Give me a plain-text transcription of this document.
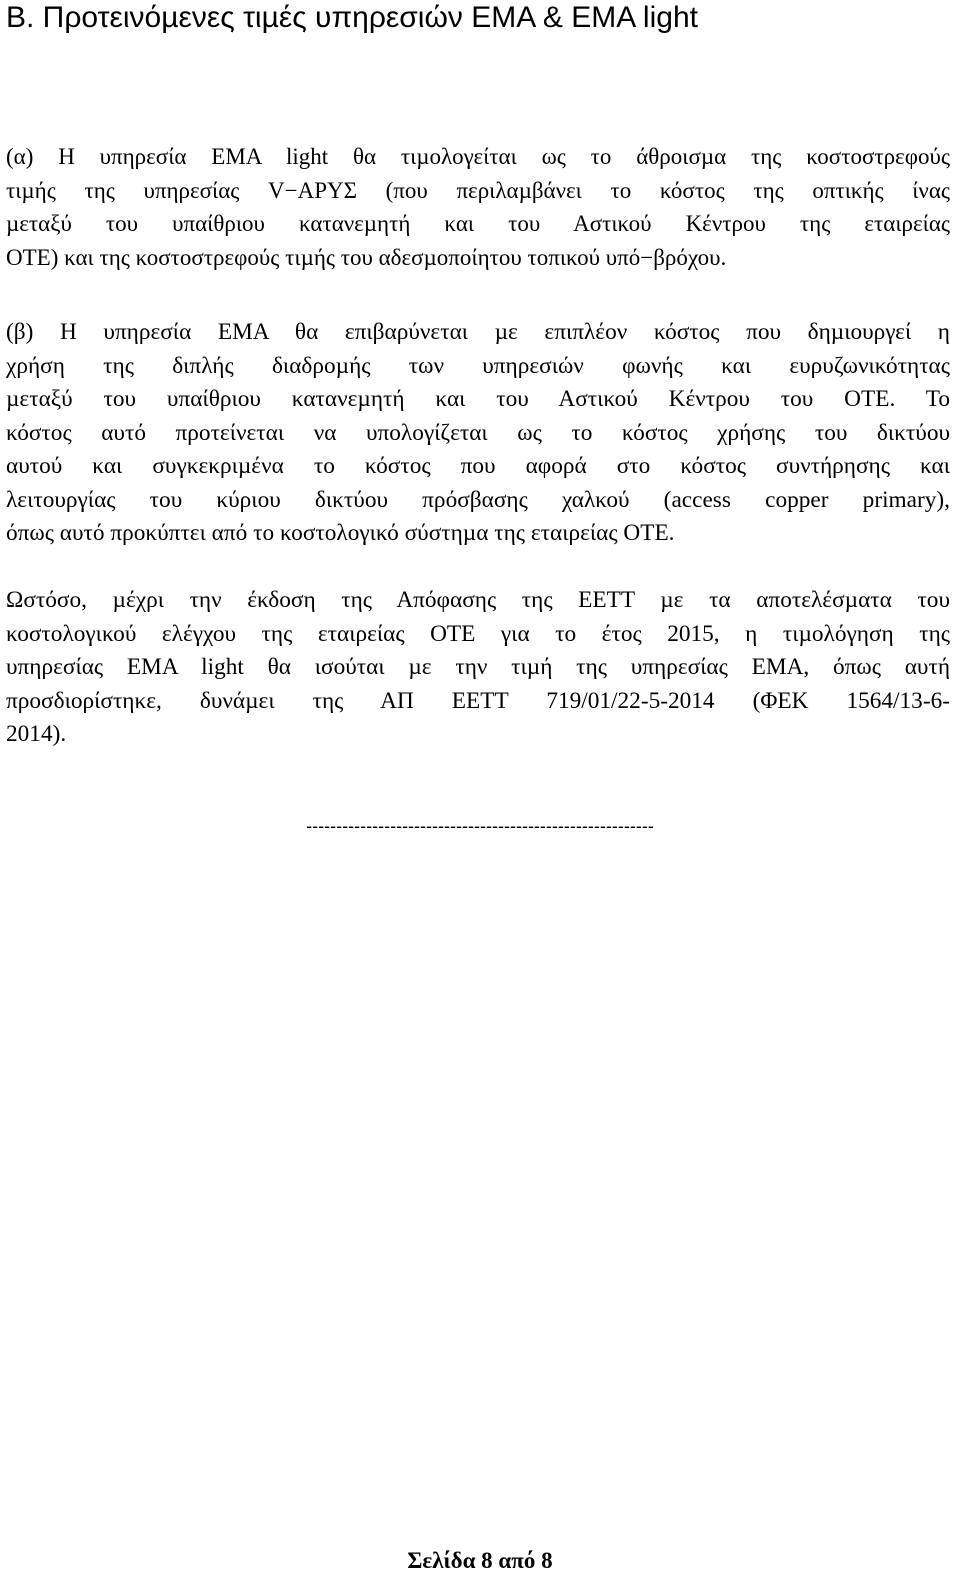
Β. Προτεινόµενες τιµές υπηρεσιών ΕΜΑ & ΕΜΑ light
(α) Η υπηρεσία ΕΜΑ light θα τιµολογείται ως το άθροισµα της κοστοστρεφούς
τιµής της υπηρεσίας V−ΑΡΥΣ (που περιλαµβάνει το κόστος της οπτικής ίνας
µεταξύ του υπαίθριου κατανεµητή και του Αστικού Κέντρου της εταιρείας
ΟΤΕ) και της κοστοστρεφούς τιµής του αδεσµοποίητου τοπικού υπό−βρόχου.
(β) Η υπηρεσία ΕΜΑ θα επιβαρύνεται µε επιπλέον κόστος που δηµιουργεί η
χρήση της διπλής διαδροµής των υπηρεσιών φωνής και ευρυζωνικότητας
µεταξύ του υπαίθριου κατανεµητή και του Αστικού Κέντρου του ΟΤΕ. Το
κόστος αυτό προτείνεται να υπολογίζεται ως το κόστος χρήσης του δικτύου
αυτού και συγκεκριµένα το κόστος που αφορά στο κόστος συντήρησης και
λειτουργίας του κύριου δικτύου πρόσβασης χαλκού (access copper primary),
όπως αυτό προκύπτει από το κοστολογικό σύστηµα της εταιρείας ΟΤΕ.
Ωστόσο, µέχρι την έκδοση της Απόφασης της ΕΕΤΤ µε τα αποτελέσµατα του
κοστολογικού ελέγχου της εταιρείας ΟΤΕ για το έτος 2015, η τιµολόγηση της
υπηρεσίας ΕΜΑ light θα ισούται µε την τιµή της υπηρεσίας ΕΜΑ, όπως αυτή
προσδιορίστηκε, δυνάµει της ΑΠ ΕΕΤΤ 719/01/22-5-2014 (ΦΕΚ 1564/13-6-
2014).
----------------------------------------------------------
Σελίδα 8 από 8
